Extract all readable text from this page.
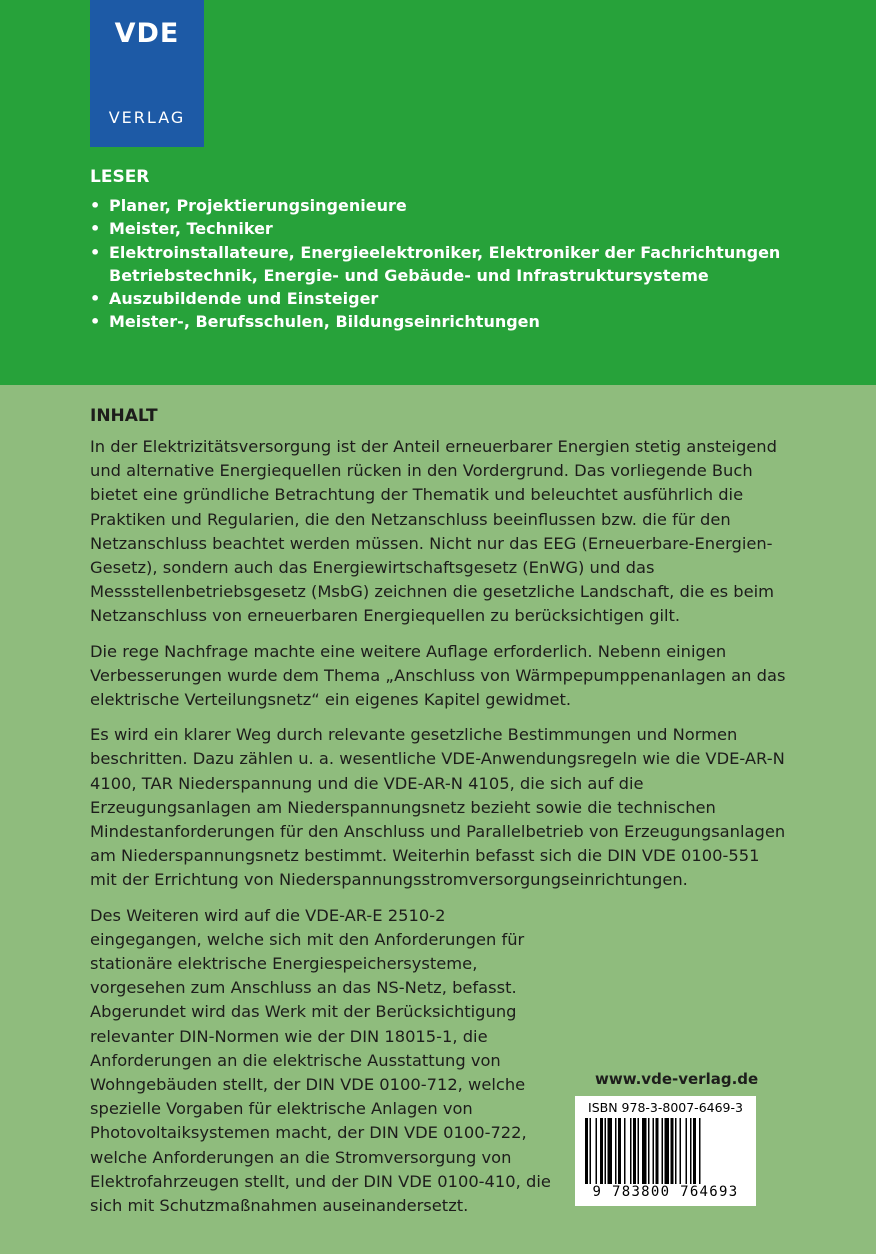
VDE
VERLAG
LESER
• Planer, Projektierungsingenieure
• Meister, Techniker
• Elektroinstallateure, Energieelektroniker, Elektroniker der Fachrichtungen
Betriebstechnik, Energie- und Gebäude- und Infrastruktursysteme
• Auszubildende und Einsteiger
• Meister-, Berufsschulen, Bildungseinrichtungen
INHALT

In der Elektrizitätsversorgung ist der Anteil erneuerbarer Energien stetig ansteigend und alternative Energiequellen rücken in den Vordergrund. Das vorliegende Buch bietet eine gründliche Betrachtung der Thematik und beleuchtet ausführlich die Praktiken und Regularien, die den Netzanschluss beeinflussen bzw. die für den Netzanschluss beachtet werden müssen. Nicht nur das EEG (Erneuerbare-Energien-Gesetz), sondern auch das Energiewirtschaftsgesetz (EnWG) und das Messstellenbetriebsgesetz (MsbG) zeichnen die gesetzliche Landschaft, die es beim Netzanschluss von erneuerbaren Energiequellen zu berücksichtigen gilt.

Die rege Nachfrage machte eine weitere Auflage erforderlich. Nebenn einigen Verbesserungen wurde dem Thema „Anschluss von Wärmpepumppenanlagen an das elektrische Verteilungsnetz“ ein eigenes Kapitel gewidmet.

Es wird ein klarer Weg durch relevante gesetzliche Bestimmungen und Normen beschritten. Dazu zählen u. a. wesentliche VDE-Anwendungsregeln wie die VDE-AR-N 4100, TAR Niederspannung und die VDE-AR-N 4105, die sich auf die Erzeugungsanlagen am Niederspannungsnetz bezieht sowie die technischen Mindestanforderungen für den Anschluss und Parallelbetrieb von Erzeugungsanlagen am Niederspannungsnetz bestimmt. Weiterhin befasst sich die DIN VDE 0100-551 mit der Errichtung von Niederspannungsstromversorgungseinrichtungen.

Des Weiteren wird auf die VDE-AR-E 2510-2 eingegangen, welche sich mit den Anforderungen für stationäre elektrische Energiespeichersysteme, vorgesehen zum Anschluss an das NS-Netz, befasst. Abgerundet wird das Werk mit der Berücksichtigung relevanter DIN-Normen wie der DIN 18015-1, die Anforderungen an die elektrische Ausstattung von Wohngebäuden stellt, der DIN VDE 0100-712, welche spezielle Vorgaben für elektrische Anlagen von Photovoltaiksystemen macht, der DIN VDE 0100-722, welche Anforderungen an die Stromversorgung von Elektrofahrzeugen stellt, und der DIN VDE 0100-410, die sich mit Schutzmaßnahmen auseinandersetzt.

www.vde-verlag.de
ISBN 978-3-8007-6469-3
9 783800 764693
